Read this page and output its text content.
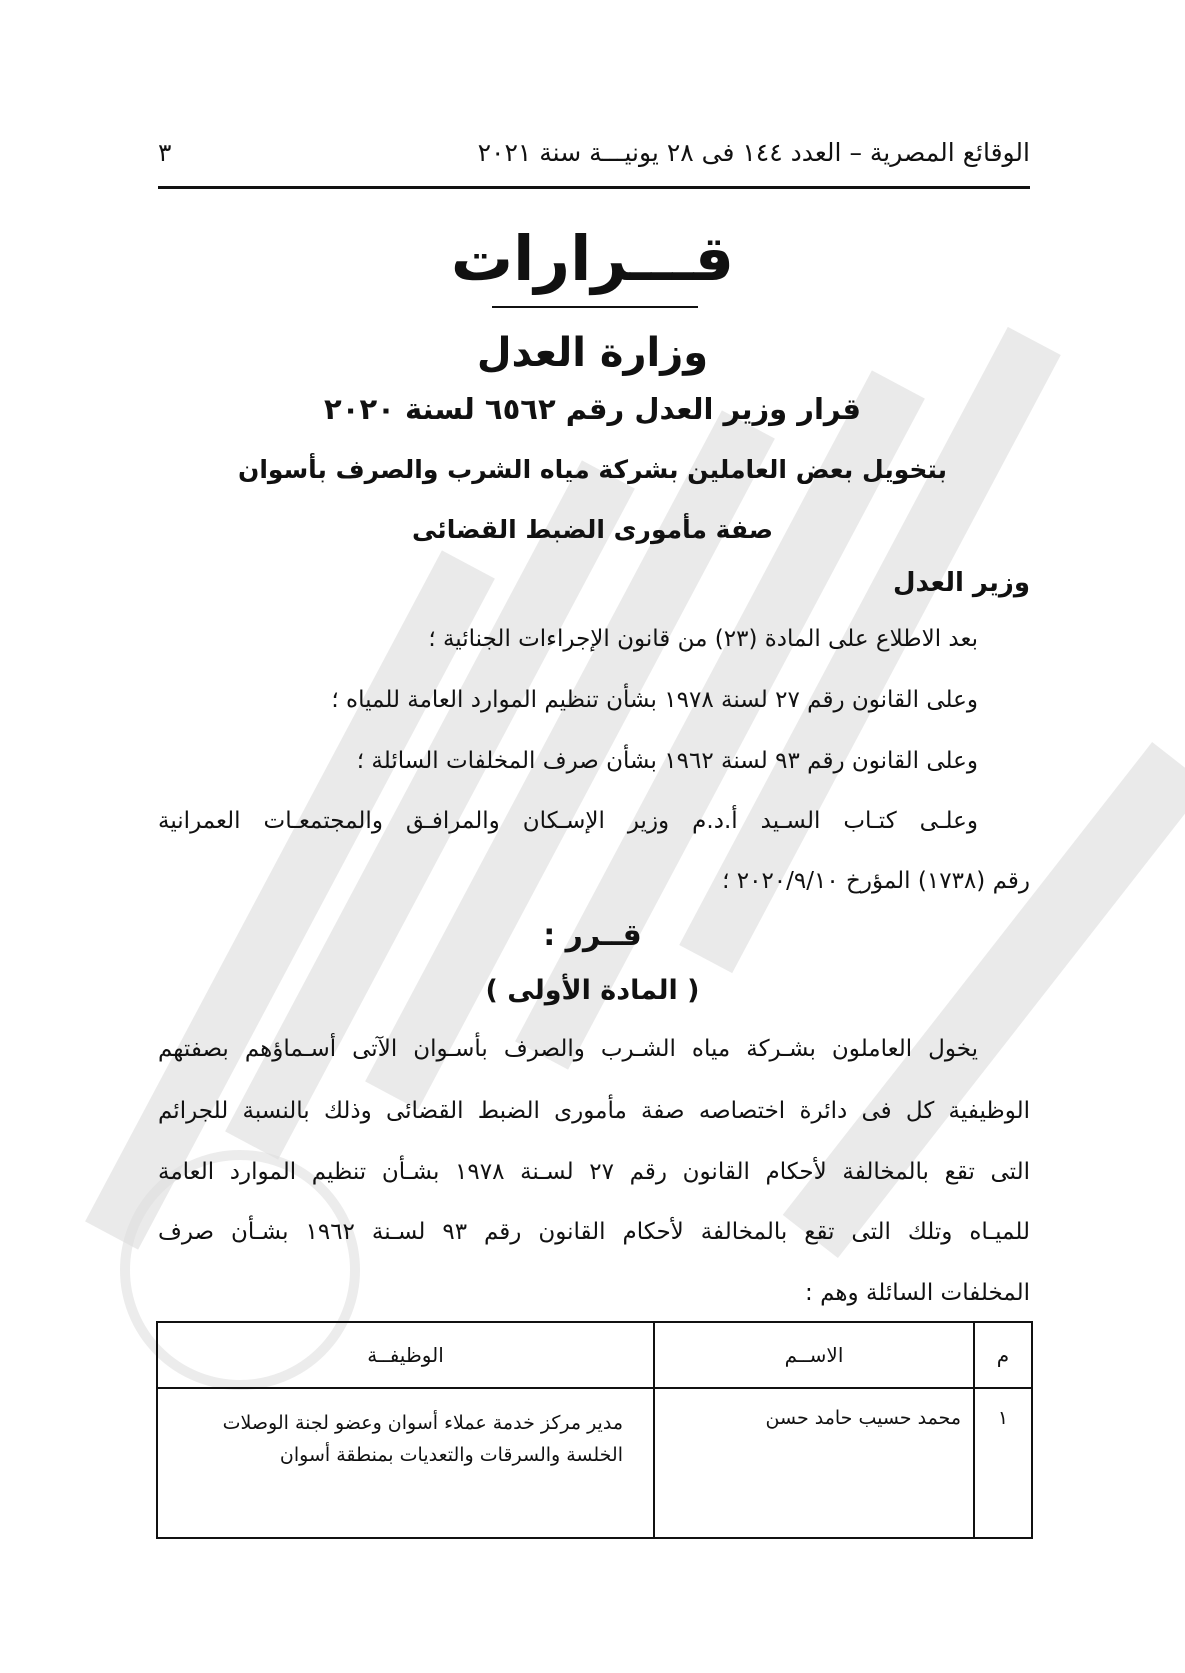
الوقائع المصرية – العدد ١٤٤ فى ٢٨ يونيـــة سنة ٢٠٢١
٣
قـــرارات
وزارة العدل
قرار وزير العدل رقم ٦٥٦٢ لسنة ٢٠٢٠
بتخويل بعض العاملين بشركة مياه الشرب والصرف بأسوان
صفة مأمورى الضبط القضائى
وزير العدل
بعد الاطلاع على المادة (٢٣) من قانون الإجراءات الجنائية ؛
وعلى القانون رقم ٢٧ لسنة ١٩٧٨ بشأن تنظيم الموارد العامة للمياه ؛
وعلى القانون رقم ٩٣ لسنة ١٩٦٢ بشأن صرف المخلفات السائلة ؛
وعلـى كتـاب السـيد أ.د.م وزير الإسـكان والمرافـق والمجتمعـات العمرانية
رقم (١٧٣٨) المؤرخ ٢٠٢٠/٩/١٠ ؛
قــرر :
( المادة الأولى )
يخول العاملون بشـركة مياه الشـرب والصرف بأسـوان الآتى أسـماؤهم بصفتهم
الوظيفية كل فى دائرة اختصاصه صفة مأمورى الضبط القضائى وذلك بالنسبة للجرائم
التى تقع بالمخالفة لأحكام القانون رقم ٢٧ لسـنة ١٩٧٨ بشـأن تنظيم الموارد العامة
للميـاه وتلك التى تقع بالمخالفة لأحكام القانون رقم ٩٣ لسـنة ١٩٦٢ بشـأن صرف
المخلفات السائلة وهم :
م	الاســم	الوظيفــة
١	محمد حسيب حامد حسن	مدير مركز خدمة عملاء أسوان وعضو لجنة الوصلات الخلسة والسرقات والتعديات بمنطقة أسوان
